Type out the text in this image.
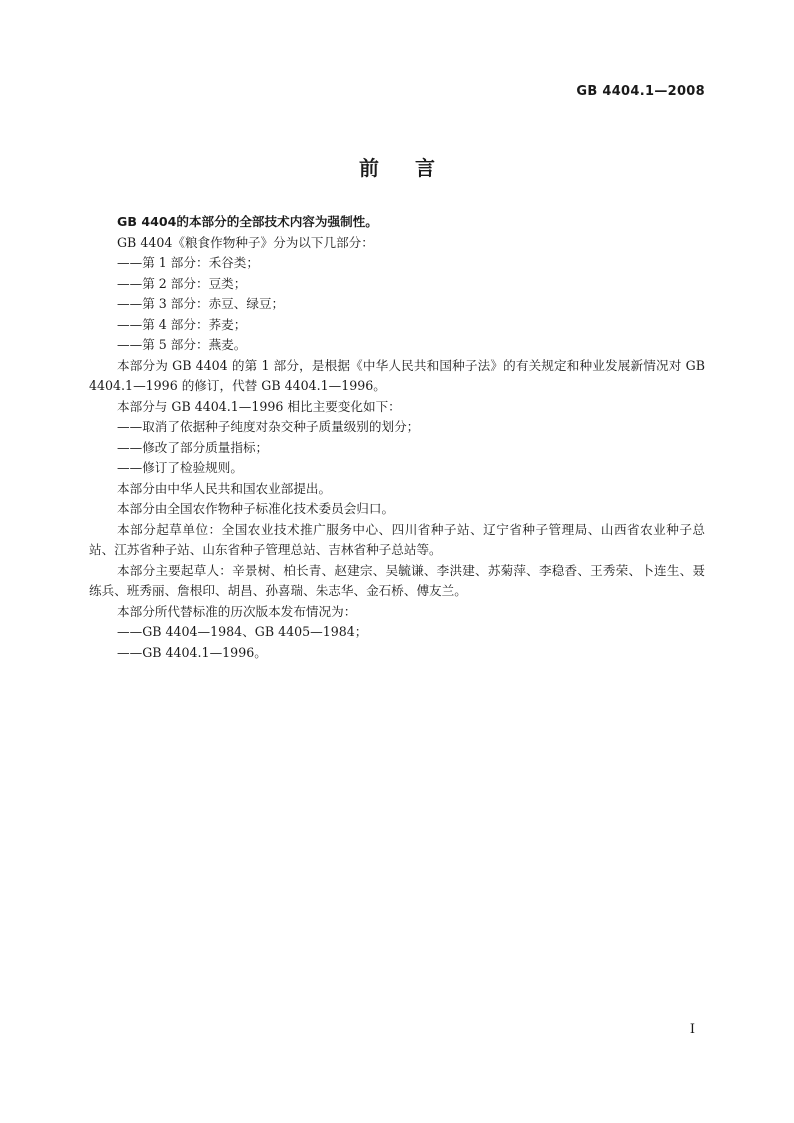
GB 4404.1—2008
前言

GB 4404的本部分的全部技术内容为强制性。

GB 4404《粮食作物种子》分为以下几部分：

——第 1 部分：禾谷类；

——第 2 部分：豆类；

——第 3 部分：赤豆、绿豆；

——第 4 部分：荞麦；

——第 5 部分：燕麦。

本部分为 GB 4404 的第 1 部分，是根据《中华人民共和国种子法》的有关规定和种业发展新情况对 GB 4404.1—1996 的修订，代替 GB 4404.1—1996。

本部分与 GB 4404.1—1996 相比主要变化如下：

——取消了依据种子纯度对杂交种子质量级别的划分；

——修改了部分质量指标；

——修订了检验规则。

本部分由中华人民共和国农业部提出。

本部分由全国农作物种子标准化技术委员会归口。

本部分起草单位：全国农业技术推广服务中心、四川省种子站、辽宁省种子管理局、山西省农业种子总站、江苏省种子站、山东省种子管理总站、吉林省种子总站等。

本部分主要起草人：辛景树、柏长青、赵建宗、吴毓谦、李洪建、苏菊萍、李稳香、王秀荣、卜连生、聂练兵、班秀丽、詹根印、胡昌、孙喜瑞、朱志华、金石桥、傅友兰。

本部分所代替标准的历次版本发布情况为：

——GB 4404—1984、GB 4405—1984；

——GB 4404.1—1996。

I
